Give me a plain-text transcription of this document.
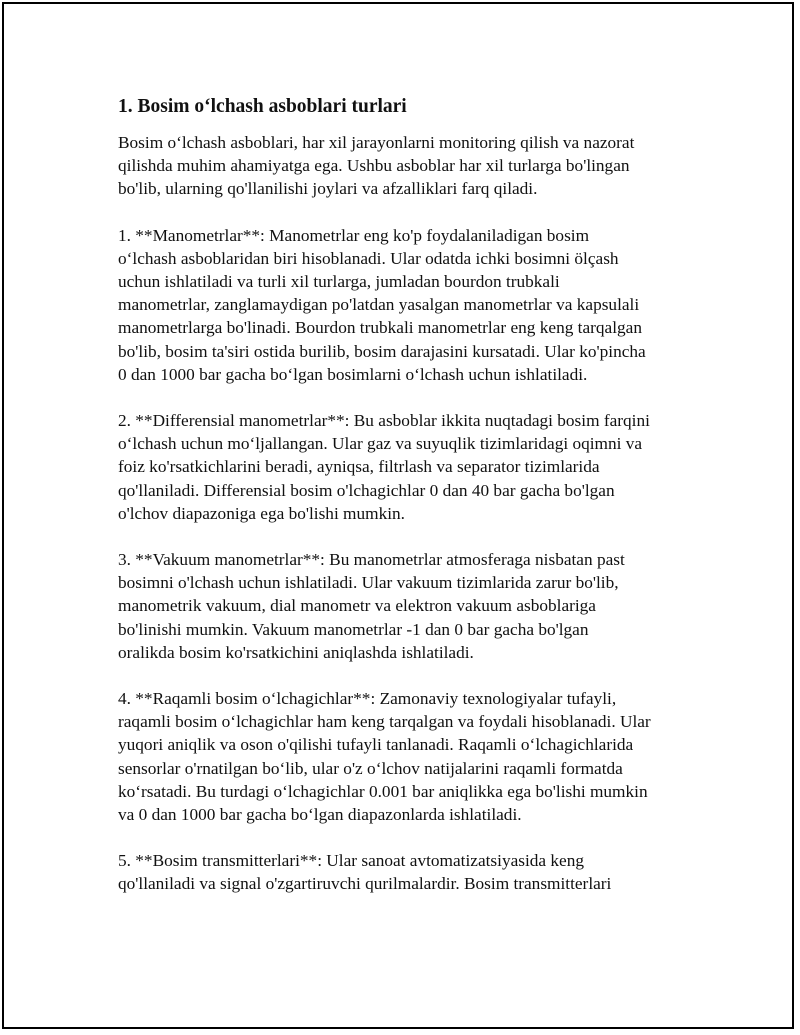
1. Bosim o‘lchash asboblari turlari

Bosim o‘lchash asboblari, har xil jarayonlarni monitoring qilish va nazorat
qilishda muhim ahamiyatga ega. Ushbu asboblar har xil turlarga bo'lingan
bo'lib, ularning qo'llanilishi joylari va afzalliklari farq qiladi.

1. **Manometrlar**: Manometrlar eng ko'p foydalaniladigan bosim
o‘lchash asboblaridan biri hisoblanadi. Ular odatda ichki bosimni ölçash
uchun ishlatiladi va turli xil turlarga, jumladan bourdon trubkali
manometrlar, zanglamaydigan po'latdan yasalgan manometrlar va kapsulali
manometrlarga bo'linadi. Bourdon trubkali manometrlar eng keng tarqalgan
bo'lib, bosim ta'siri ostida burilib, bosim darajasini kursatadi. Ular ko'pincha
0 dan 1000 bar gacha bo‘lgan bosimlarni o‘lchash uchun ishlatiladi.

2. **Differensial manometrlar**: Bu asboblar ikkita nuqtadagi bosim farqini
o‘lchash uchun mo‘ljallangan. Ular gaz va suyuqlik tizimlaridagi oqimni va
foiz ko'rsatkichlarini beradi, ayniqsa, filtrlash va separator tizimlarida
qo'llaniladi. Differensial bosim o'lchagichlar 0 dan 40 bar gacha bo'lgan
o'lchov diapazoniga ega bo'lishi mumkin.

3. **Vakuum manometrlar**: Bu manometrlar atmosferaga nisbatan past
bosimni o'lchash uchun ishlatiladi. Ular vakuum tizimlarida zarur bo'lib,
manometrik vakuum, dial manometr va elektron vakuum asboblariga
bo'linishi mumkin. Vakuum manometrlar -1 dan 0 bar gacha bo'lgan
oralikda bosim ko'rsatkichini aniqlashda ishlatiladi.

4. **Raqamli bosim o‘lchagichlar**: Zamonaviy texnologiyalar tufayli,
raqamli bosim o‘lchagichlar ham keng tarqalgan va foydali hisoblanadi. Ular
yuqori aniqlik va oson o'qilishi tufayli tanlanadi. Raqamli o‘lchagichlarida
sensorlar o'rnatilgan bo‘lib, ular o'z o‘lchov natijalarini raqamli formatda
ko‘rsatadi. Bu turdagi o‘lchagichlar 0.001 bar aniqlikka ega bo'lishi mumkin
va 0 dan 1000 bar gacha bo‘lgan diapazonlarda ishlatiladi.

5. **Bosim transmitterlari**: Ular sanoat avtomatizatsiyasida keng
qo'llaniladi va signal o'zgartiruvchi qurilmalardir. Bosim transmitterlari
